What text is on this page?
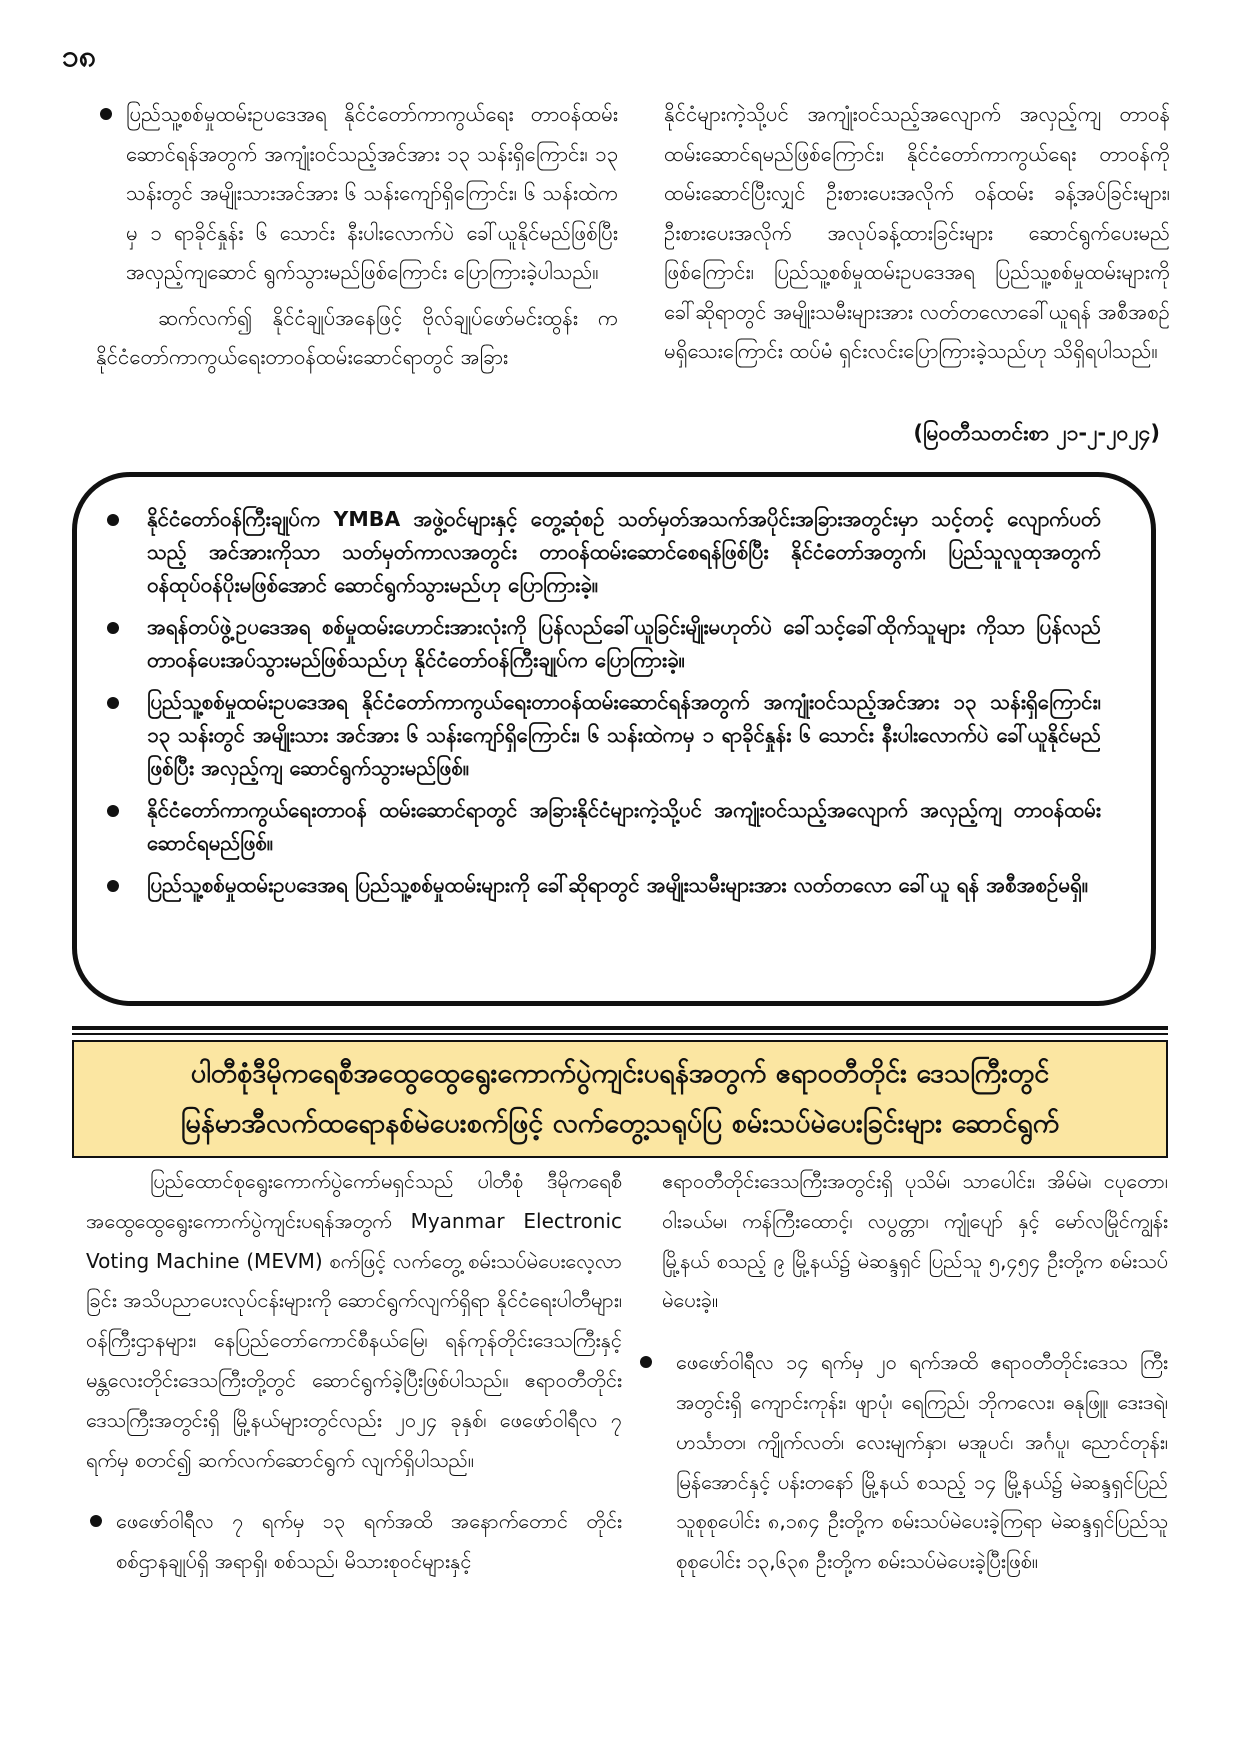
၁၈

ပြည်သူ့စစ်မှုထမ်းဥပဒေအရ နိုင်ငံတော်ကာကွယ်ရေး တာဝန်ထမ်းဆောင်ရန်အတွက် အကျုံးဝင်သည့်အင်အား ၁၃ သန်းရှိကြောင်း၊ ၁၃ သန်းတွင် အမျိုးသားအင်အား ၆ သန်းကျော်ရှိကြောင်း၊ ၆ သန်းထဲကမှ ၁ ရာခိုင်နှုန်း ၆ သောင်း နီးပါးလောက်ပဲ ခေါ်ယူနိုင်မည်ဖြစ်ပြီး အလှည့်ကျဆောင် ရွက်သွားမည်ဖြစ်ကြောင်း ပြောကြားခဲ့ပါသည်။

ဆက်လက်၍ နိုင်ငံချုပ်အနေဖြင့် ဗိုလ်ချုပ်ဖော်မင်းထွန်း က နိုင်ငံတော်ကာကွယ်ရေးတာဝန်ထမ်းဆောင်ရာတွင် အခြား

နိုင်ငံများကဲ့သို့ပင် အကျုံးဝင်သည့်အလျောက် အလှည့်ကျ တာဝန်ထမ်းဆောင်ရမည်ဖြစ်ကြောင်း၊ နိုင်ငံတော်ကာကွယ်ရေး တာဝန်ကို ထမ်းဆောင်ပြီးလျှင် ဦးစားပေးအလိုက် ဝန်ထမ်း ခန့်အပ်ခြင်းများ၊ ဦးစားပေးအလိုက် အလုပ်ခန့်ထားခြင်းများ ဆောင်ရွက်ပေးမည်ဖြစ်ကြောင်း၊ ပြည်သူ့စစ်မှုထမ်းဥပဒေအရ ပြည်သူ့စစ်မှုထမ်းများကို ခေါ်ဆိုရာတွင် အမျိုးသမီးများအား လတ်တလောခေါ်ယူရန် အစီအစဉ်မရှိသေးကြောင်း ထပ်မံ ရှင်းလင်းပြောကြားခဲ့သည်ဟု သိရှိရပါသည်။

(မြဝတီသတင်းစာ ၂၁-၂-၂၀၂၄)
နိုင်ငံတော်ဝန်ကြီးချုပ်က YMBA အဖွဲ့ဝင်များနှင့် တွေ့ဆုံစဉ် သတ်မှတ်အသက်အပိုင်းအခြားအတွင်းမှာ သင့်တင့် လျောက်ပတ်သည့် အင်အားကိုသာ သတ်မှတ်ကာလအတွင်း တာဝန်ထမ်းဆောင်စေရန်ဖြစ်ပြီး နိုင်ငံတော်အတွက်၊ ပြည်သူလူထုအတွက် ဝန်ထုပ်ဝန်ပိုးမဖြစ်အောင် ဆောင်ရွက်သွားမည်ဟု ပြောကြားခဲ့။
အရန်တပ်ဖွဲ့ဥပဒေအရ စစ်မှုထမ်းဟောင်းအားလုံးကို ပြန်လည်ခေါ်ယူခြင်းမျိုးမဟုတ်ပဲ ခေါ်သင့်ခေါ်ထိုက်သူများ ကိုသာ ပြန်လည်တာဝန်ပေးအပ်သွားမည်ဖြစ်သည်ဟု နိုင်ငံတော်ဝန်ကြီးချုပ်က ပြောကြားခဲ့။
ပြည်သူ့စစ်မှုထမ်းဥပဒေအရ နိုင်ငံတော်ကာကွယ်ရေးတာဝန်ထမ်းဆောင်ရန်အတွက် အကျုံးဝင်သည့်အင်အား ၁၃ သန်းရှိကြောင်း၊ ၁၃ သန်းတွင် အမျိုးသား အင်အား ၆ သန်းကျော်ရှိကြောင်း၊ ၆ သန်းထဲကမှ ၁ ရာခိုင်နှုန်း ၆ သောင်း နီးပါးလောက်ပဲ ခေါ်ယူနိုင်မည်ဖြစ်ပြီး အလှည့်ကျ ဆောင်ရွက်သွားမည်ဖြစ်။
နိုင်ငံတော်ကာကွယ်ရေးတာဝန် ထမ်းဆောင်ရာတွင် အခြားနိုင်ငံများကဲ့သို့ပင် အကျုံးဝင်သည့်အလျောက် အလှည့်ကျ တာဝန်ထမ်းဆောင်ရမည်ဖြစ်။
ပြည်သူ့စစ်မှုထမ်းဥပဒေအရ ပြည်သူ့စစ်မှုထမ်းများကို ခေါ်ဆိုရာတွင် အမျိုးသမီးများအား လတ်တလော ခေါ်ယူ ရန် အစီအစဉ်မရှိ။
ပါတီစုံဒီမိုကရေစီအထွေထွေရွေးကောက်ပွဲကျင်းပရန်အတွက် ဧရာဝတီတိုင်း ဒေသကြီးတွင်
မြန်မာအီလက်ထရောနစ်မဲပေးစက်ဖြင့် လက်တွေ့သရုပ်ပြ စမ်းသပ်မဲပေးခြင်းများ ဆောင်ရွက်

ပြည်ထောင်စုရွေးကောက်ပွဲကော်မရှင်သည် ပါတီစုံ ဒီမိုကရေစီအထွေထွေရွေးကောက်ပွဲကျင်းပရန်အတွက် Myanmar Electronic Voting Machine (MEVM) စက်ဖြင့် လက်တွေ့ စမ်းသပ်မဲပေးလေ့လာခြင်း အသိပညာပေးလုပ်ငန်းများကို ဆောင်ရွက်လျက်ရှိရာ နိုင်ငံရေးပါတီများ၊ ဝန်ကြီးဌာနများ၊ နေပြည်တော်ကောင်စီနယ်မြေ၊ ရန်ကုန်တိုင်းဒေသကြီးနှင့် မန္တလေးတိုင်းဒေသကြီးတို့တွင် ဆောင်ရွက်ခဲ့ပြီးဖြစ်ပါသည်။ ဧရာဝတီတိုင်းဒေသကြီးအတွင်းရှိ မြို့နယ်များတွင်လည်း ၂၀၂၄ ခုနှစ်၊ ဖေဖော်ဝါရီလ ၇ ရက်မှ စတင်၍ ဆက်လက်ဆောင်ရွက် လျက်ရှိပါသည်။

ဖေဖော်ဝါရီလ ၇ ရက်မှ ၁၃ ရက်အထိ အနောက်တောင် တိုင်းစစ်ဌာနချုပ်ရှိ အရာရှိ၊ စစ်သည်၊ မိသားစုဝင်များနှင့်

ဧရာဝတီတိုင်းဒေသကြီးအတွင်းရှိ ပုသိမ်၊ သာပေါင်း၊ အိမ်မဲ၊ ငပုတော၊ ဝါးခယ်မ၊ ကန်ကြီးထောင့်၊ လပွတ္တာ၊ ကျုံပျော် နှင့် မော်လမြိုင်ကျွန်းမြို့နယ် စသည့် ၉ မြို့နယ်၌ မဲဆန္ဒရှင် ပြည်သူ ၅,၄၅၄ ဦးတို့က စမ်းသပ်မဲပေးခဲ့။

ဖေဖော်ဝါရီလ ၁၄ ရက်မှ ၂၀ ရက်အထိ ဧရာဝတီတိုင်းဒေသ ကြီးအတွင်းရှိ ကျောင်းကုန်း၊ ဖျာပုံ၊ ရေကြည်၊ ဘိုကလေး၊ ဓနုဖြူ၊ ဒေးဒရဲ၊ ဟင်္သာတ၊ ကျိုက်လတ်၊ လေးမျက်နှာ၊ မအူပင်၊ အင်္ဂပူ၊ ညောင်တုန်း၊ မြန်အောင်နှင့် ပန်းတနော် မြို့နယ် စသည့် ၁၄ မြို့နယ်၌ မဲဆန္ဒရှင်ပြည်သူစုစုပေါင်း ၈,၁၈၄ ဦးတို့က စမ်းသပ်မဲပေးခဲ့ကြရာ မဲဆန္ဒရှင်ပြည်သူ စုစုပေါင်း ၁၃,၆၃၈ ဦးတို့က စမ်းသပ်မဲပေးခဲ့ပြီးဖြစ်။
